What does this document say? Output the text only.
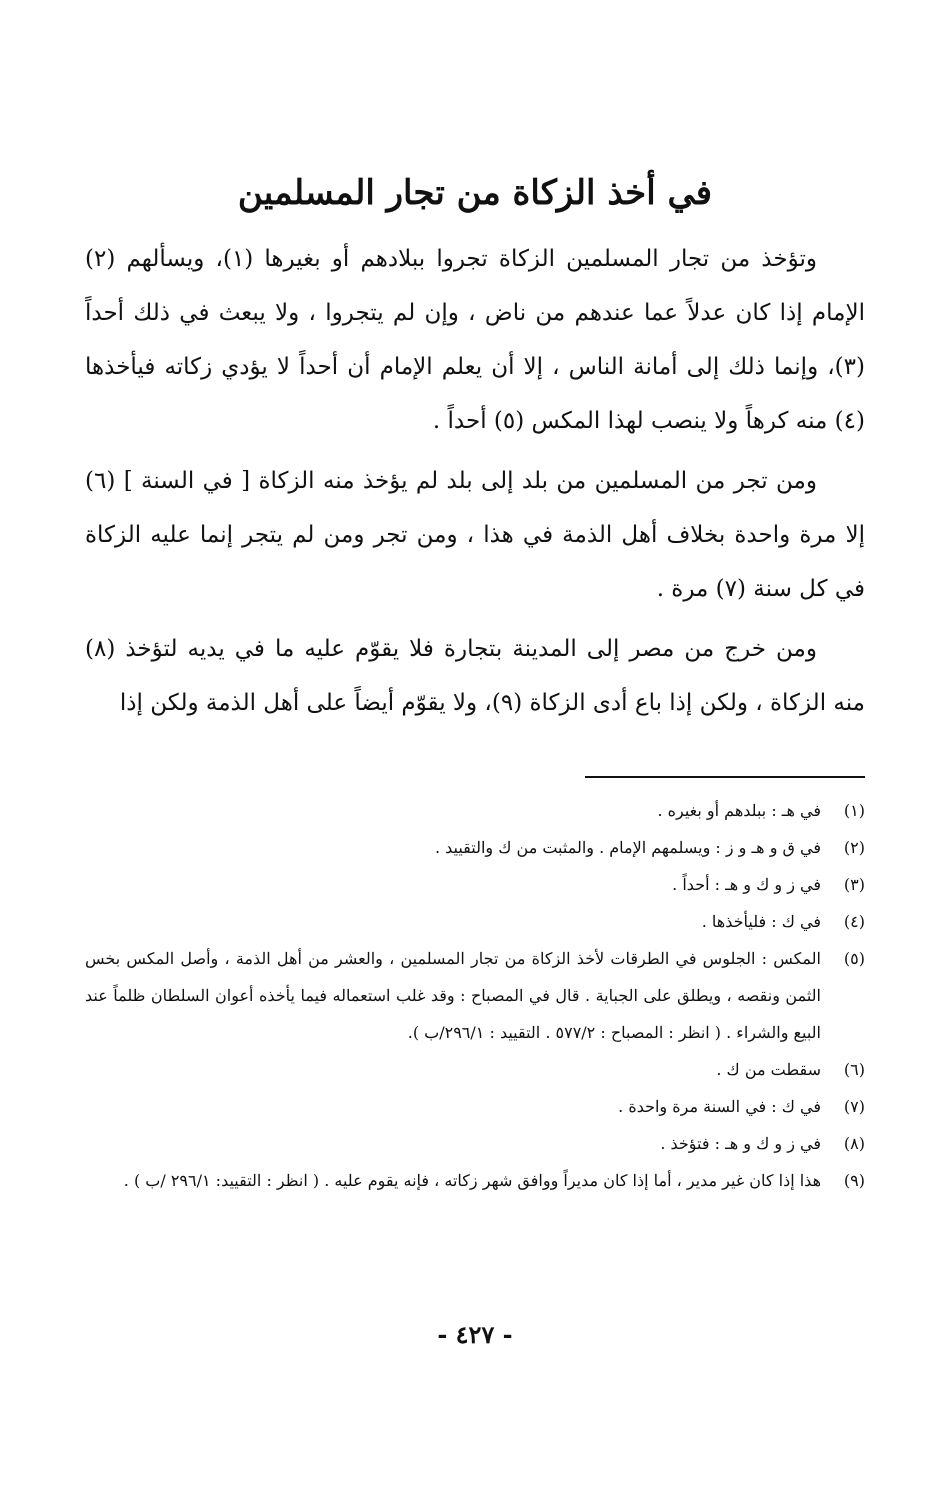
في أخذ الزكاة من تجار المسلمين

وتؤخذ من تجار المسلمين الزكاة تجروا ببلادهم أو بغيرها (١)، ويسألهم (٢) الإمام إذا كان عدلاً عما عندهم من ناض ، وإن لم يتجروا ، ولا يبعث في ذلك أحداً (٣)، وإنما ذلك إلى أمانة الناس ، إلا أن يعلم الإمام أن أحداً لا يؤدي زكاته فيأخذها (٤) منه كرهاً ولا ينصب لهذا المكس (٥) أحداً .

ومن تجر من المسلمين من بلد إلى بلد لم يؤخذ منه الزكاة [ في السنة ] (٦) إلا مرة واحدة بخلاف أهل الذمة في هذا ، ومن تجر ومن لم يتجر إنما عليه الزكاة في كل سنة (٧) مرة .

ومن خرج من مصر إلى المدينة بتجارة فلا يقوّم عليه ما في يديه لتؤخذ (٨) منه الزكاة ، ولكن إذا باع أدى الزكاة (٩)، ولا يقوّم أيضاً على أهل الذمة ولكن إذا

(١)
في هـ : ببلدهم أو بغيره .
(٢)
في ق و هـ و ز : ويسلمهم الإمام . والمثبت من ك والتقييد .
(٣)
في ز و ك و هـ : أحداً .
(٤)
في ك : فليأخذها .
(٥)
المكس : الجلوس في الطرقات لأخذ الزكاة من تجار المسلمين ، والعشر من أهل الذمة ، وأصل المكس بخس الثمن ونقصه ، ويطلق على الجباية . قال في المصباح : وقد غلب استعماله فيما يأخذه أعوان السلطان ظلماً عند البيع والشراء . ( انظر : المصباح : ٥٧٧/٢ . التقييد : ٢٩٦/١/ب ).
(٦)
سقطت من ك .
(٧)
في ك : في السنة مرة واحدة .
(٨)
في ز و ك و هـ : فتؤخذ .
(٩)
هذا إذا كان غير مدير ، أما إذا كان مديراً ووافق شهر زكاته ، فإنه يقوم عليه . ( انظر : التقييد: ٢٩٦/١ /ب ) .
- ٤٢٧ -
